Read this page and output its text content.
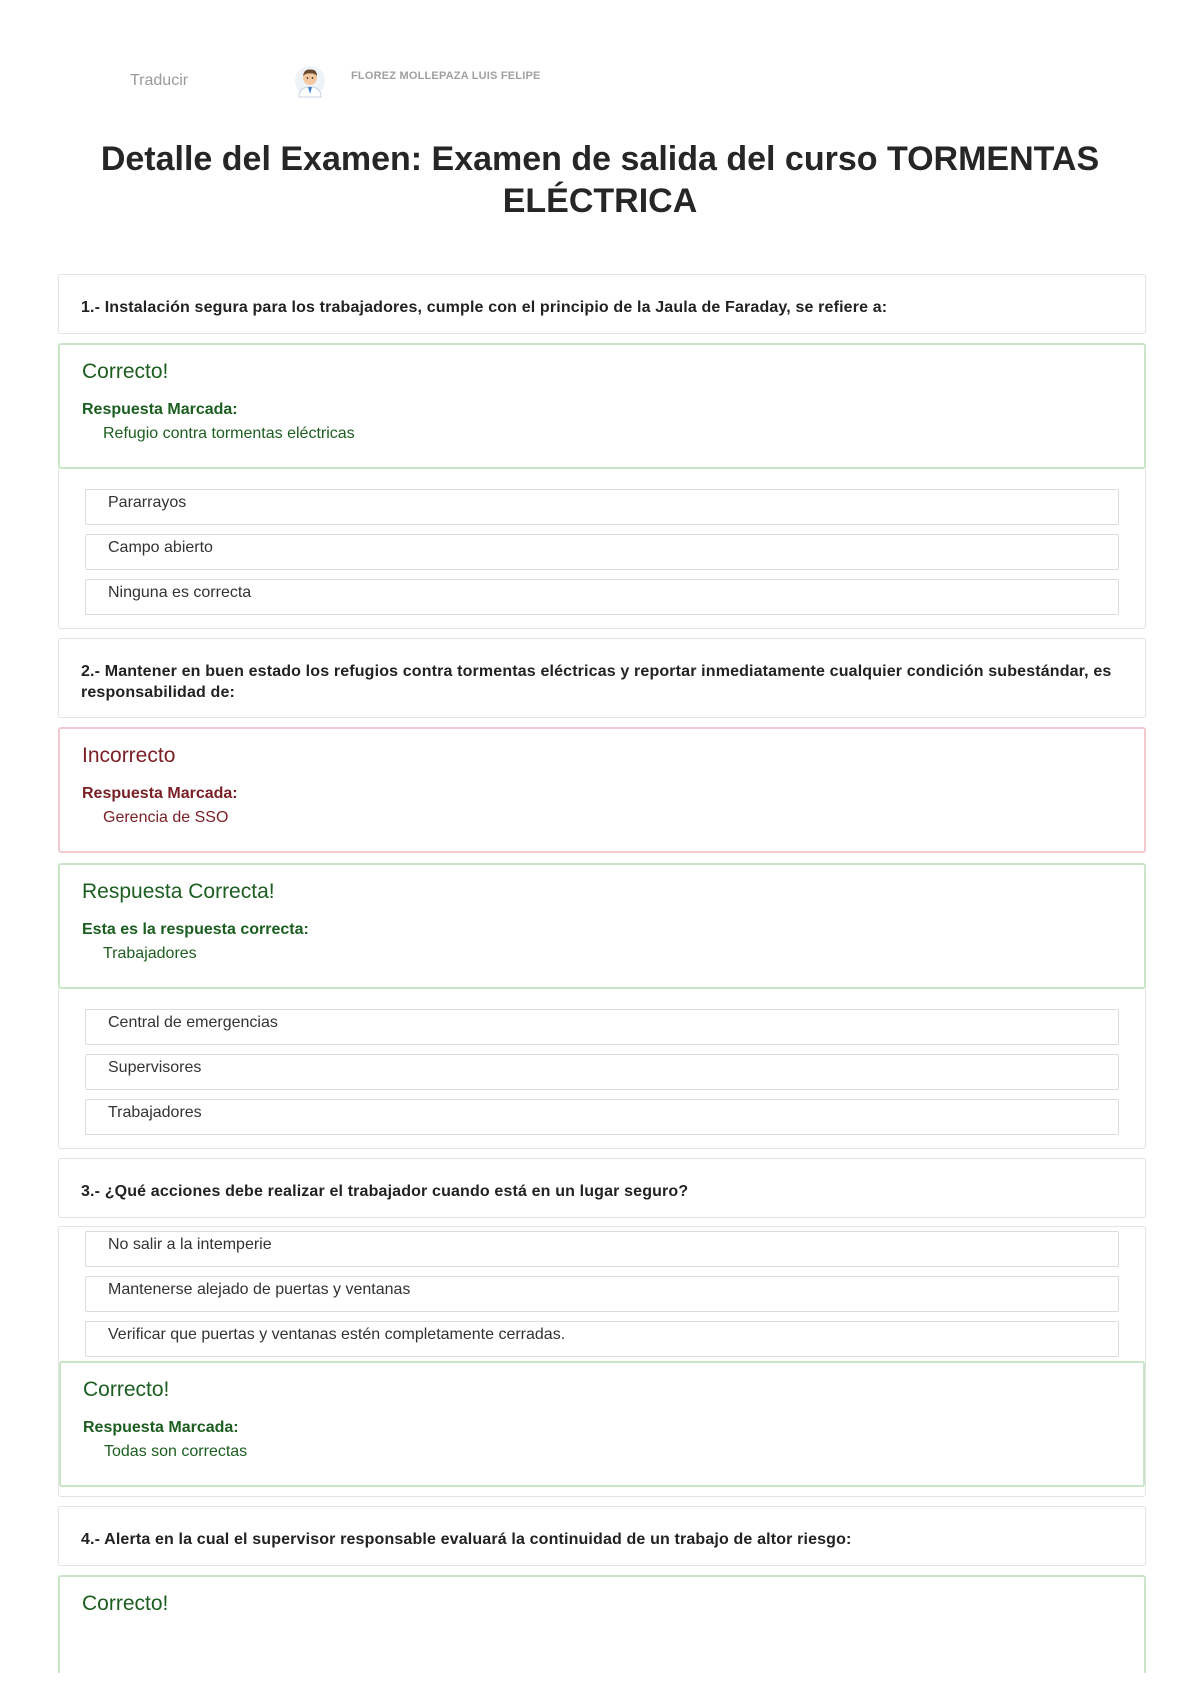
Traducir	FLOREZ MOLLEPAZA LUIS FELIPE
Detalle del Examen: Examen de salida del curso TORMENTAS ELÉCTRICA
1.- Instalación segura para los trabajadores, cumple con el principio de la Jaula de Faraday, se refiere a:
Correcto!
Respuesta Marcada:
Refugio contra tormentas eléctricas
Pararrayos
Campo abierto
Ninguna es correcta
2.- Mantener en buen estado los refugios contra tormentas eléctricas y reportar inmediatamente cualquier condición subestándar, es responsabilidad de:
Incorrecto
Respuesta Marcada:
Gerencia de SSO
Respuesta Correcta!
Esta es la respuesta correcta:
Trabajadores
Central de emergencias
Supervisores
Trabajadores
3.- ¿Qué acciones debe realizar el trabajador cuando está en un lugar seguro?
No salir a la intemperie
Mantenerse alejado de puertas y ventanas
Verificar que puertas y ventanas estén completamente cerradas.
Correcto!
Respuesta Marcada:
Todas son correctas
4.- Alerta en la cual el supervisor responsable evaluará la continuidad de un trabajo de altor riesgo:
Correcto!
